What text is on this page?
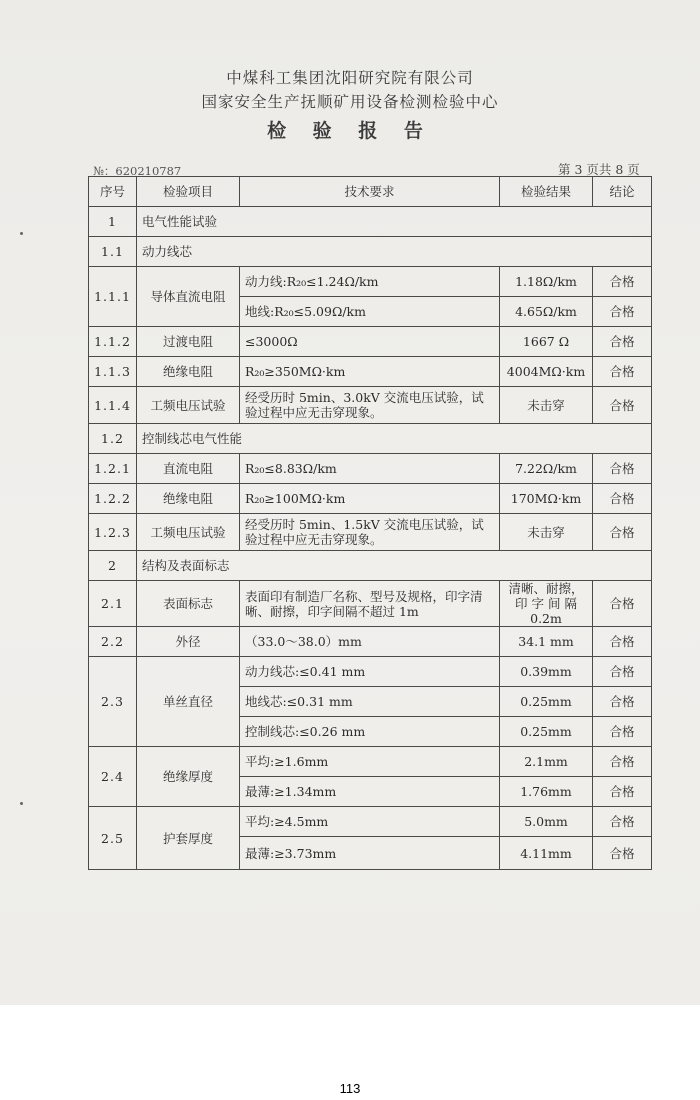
中煤科工集团沈阳研究院有限公司
国家安全生产抚顺矿用设备检测检验中心
检 验 报 告
№：620210787	第 3 页共 8 页
序号	检验项目	技术要求	检验结果	结论
1	电气性能试验			
1.1	动力线芯			
1.1.1	导体直流电阻	动力线:R₂₀≤1.24Ω/km	1.18Ω/km	合格
		地线:R₂₀≤5.09Ω/km	4.65Ω/km	合格
1.1.2	过渡电阻	≤3000Ω	1667 Ω	合格
1.1.3	绝缘电阻	R₂₀≥350MΩ·km	4004MΩ·km	合格
1.1.4	工频电压试验	经受历时 5min、3.0kV 交流电压试验，试验过程中应无击穿现象。	未击穿	合格
1.2	控制线芯电气性能			
1.2.1	直流电阻	R₂₀≤8.83Ω/km	7.22Ω/km	合格
1.2.2	绝缘电阻	R₂₀≥100MΩ·km	170MΩ·km	合格
1.2.3	工频电压试验	经受历时 5min、1.5kV 交流电压试验，试验过程中应无击穿现象。	未击穿	合格
2	结构及表面标志			
2.1	表面标志	表面印有制造厂名称、型号及规格，印字清晰、耐擦，印字间隔不超过 1m	清晰、耐擦，印 字 间 隔 0.2m	合格
2.2	外径	（33.0～38.0）mm	34.1 mm	合格
2.3	单丝直径	动力线芯:≤0.41 mm	0.39mm	合格
		地线芯:≤0.31 mm	0.25mm	合格
		控制线芯:≤0.26 mm	0.25mm	合格
2.4	绝缘厚度	平均:≥1.6mm	2.1mm	合格
		最薄:≥1.34mm	1.76mm	合格
2.5	护套厚度	平均:≥4.5mm	5.0mm	合格
		最薄:≥3.73mm	4.11mm	合格
113
